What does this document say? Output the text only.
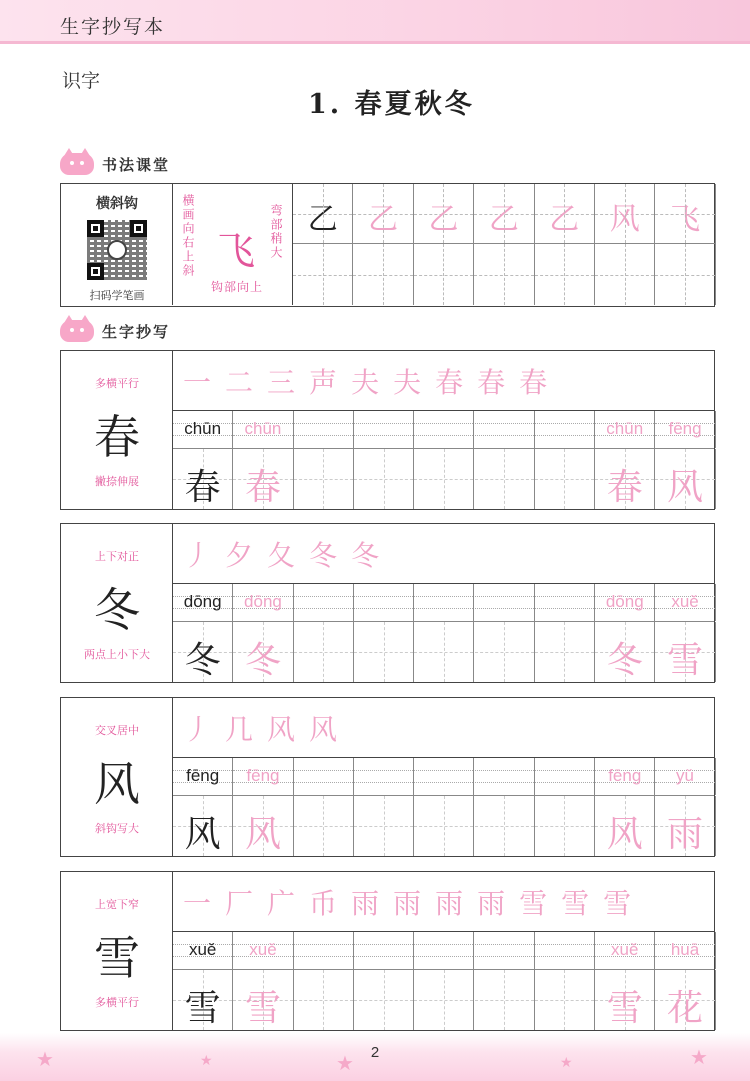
生字抄写本
识字
1. 春夏秋冬
书法课堂
横斜钩
扫码学笔画
横画向右上斜	弯部稍大
飞
钩部向上
乙	乙	乙	乙	乙	风	飞
生字抄写
多横平行
春
撇捺伸展
一 二 三 声 夫 夫 春 春 春
chūn	chūn	chūn	fēng
春 春	春 风
上下对正
冬
两点上小下大
丿 夕 夂 冬 冬
dōng	dōng	dōng	xuě
冬 冬	冬 雪
交叉居中
风
斜钩写大
丿 几 风 风
fēng	fēng	fēng	yǔ
风 风	风 雨
上宽下窄
雪
多横平行
一 厂 广 币 雨 雨 雨 雨 雪 雪 雪
xuě	xuě	xuě	huā
雪 雪	雪 花
★	★	★	★	★
2
